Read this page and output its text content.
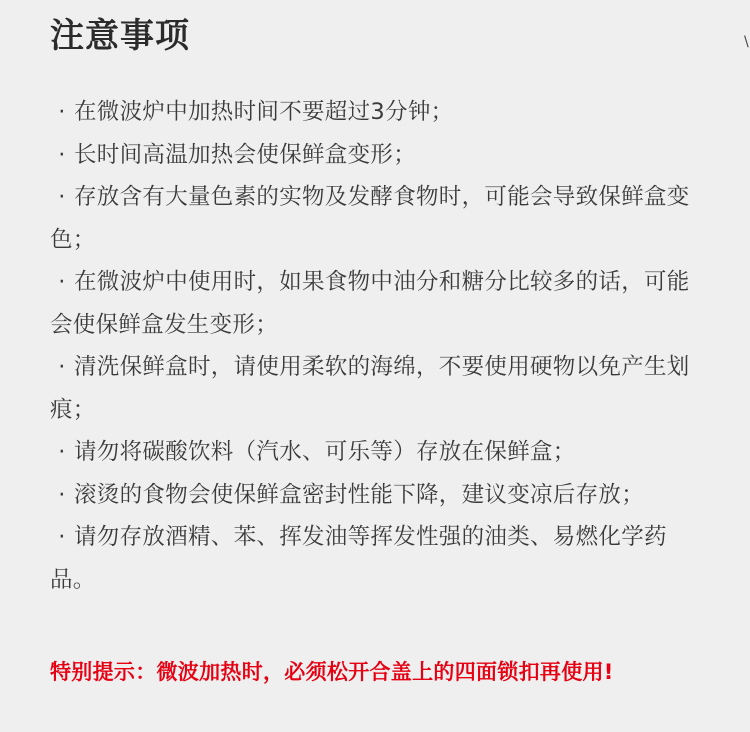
注意事项
· 在微波炉中加热时间不要超过3分钟；
· 长时间高温加热会使保鲜盒变形；
· 存放含有大量色素的实物及发酵食物时，可能会导致保鲜盒变色；
· 在微波炉中使用时，如果食物中油分和糖分比较多的话，可能会使保鲜盒发生变形；
· 清洗保鲜盒时，请使用柔软的海绵，不要使用硬物以免产生划痕；
· 请勿将碳酸饮料（汽水、可乐等）存放在保鲜盒；
· 滚烫的食物会使保鲜盒密封性能下降，建议变凉后存放；
· 请勿存放酒精、苯、挥发油等挥发性强的油类、易燃化学药品。

特别提示：微波加热时，必须松开合盖上的四面锁扣再使用!

\
